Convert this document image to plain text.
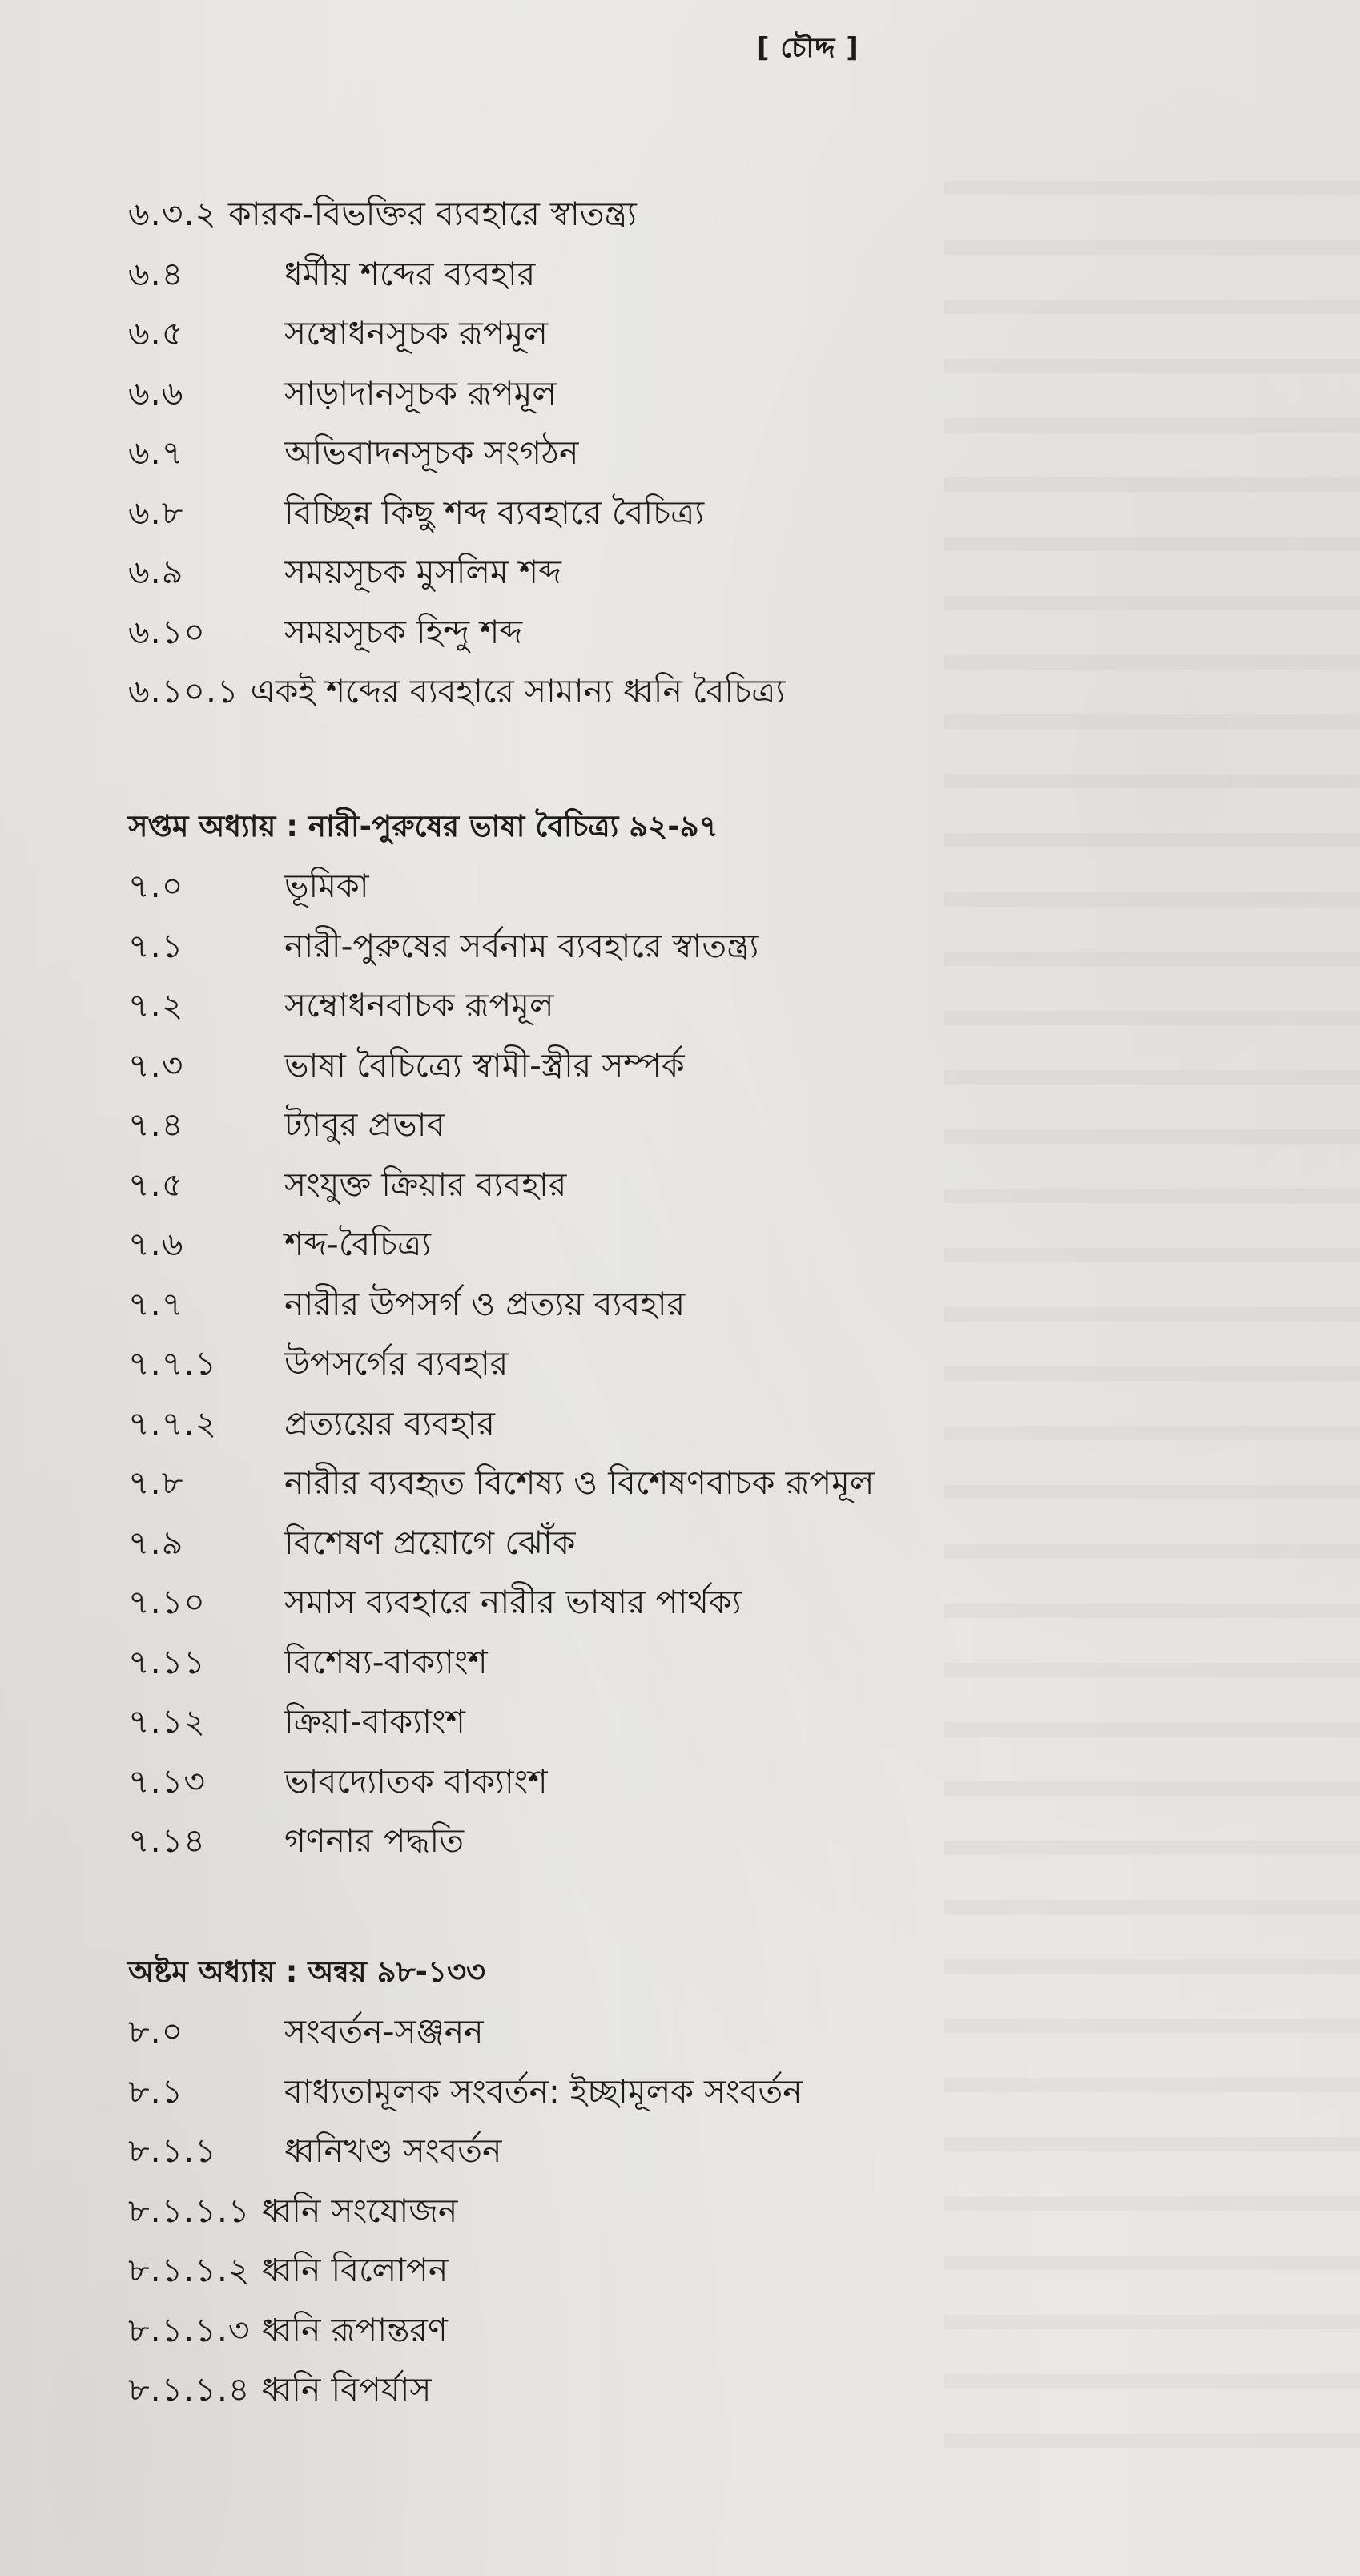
[ চৌদ্দ ]
৬.৩.২ কারক-বিভক্তির ব্যবহারে স্বাতন্ত্র্য
৬.৪	ধর্মীয় শব্দের ব্যবহার
৬.৫	সম্বোধনসূচক রূপমূল
৬.৬	সাড়াদানসূচক রূপমূল
৬.৭	অভিবাদনসূচক সংগঠন
৬.৮	বিচ্ছিন্ন কিছু শব্দ ব্যবহারে বৈচিত্র্য
৬.৯	সময়সূচক মুসলিম শব্দ
৬.১০ সময়সূচক হিন্দু শব্দ
৬.১০.১ একই শব্দের ব্যবহারে সামান্য ধ্বনি বৈচিত্র্য
সপ্তম অধ্যায় : নারী-পুরুষের ভাষা বৈচিত্র্য ৯২-৯৭
৭.০	ভূমিকা
৭.১	নারী-পুরুষের সর্বনাম ব্যবহারে স্বাতন্ত্র্য
৭.২	সম্বোধনবাচক রূপমূল
৭.৩	ভাষা বৈচিত্র্যে স্বামী-স্ত্রীর সম্পর্ক
৭.৪	ট্যাবুর প্রভাব
৭.৫	সংযুক্ত ক্রিয়ার ব্যবহার
৭.৬	শব্দ-বৈচিত্র্য
৭.৭	নারীর উপসর্গ ও প্রত্যয় ব্যবহার
৭.৭.১ উপসর্গের ব্যবহার
৭.৭.২ প্রত্যয়ের ব্যবহার
৭.৮	নারীর ব্যবহৃত বিশেষ্য ও বিশেষণবাচক রূপমূল
৭.৯	বিশেষণ প্রয়োগে ঝোঁক
৭.১০ সমাস ব্যবহারে নারীর ভাষার পার্থক্য
৭.১১ বিশেষ্য-বাক্যাংশ
৭.১২ ক্রিয়া-বাক্যাংশ
৭.১৩ ভাবদ্যোতক বাক্যাংশ
৭.১৪ গণনার পদ্ধতি
অষ্টম অধ্যায় : অন্বয় ৯৮-১৩৩
৮.০	সংবর্তন-সঞ্জনন
৮.১	বাধ্যতামূলক সংবর্তন: ইচ্ছামূলক সংবর্তন
৮.১.১ ধ্বনিখণ্ড সংবর্তন
৮.১.১.১ ধ্বনি সংযোজন
৮.১.১.২ ধ্বনি বিলোপন
৮.১.১.৩ ধ্বনি রূপান্তরণ
৮.১.১.৪ ধ্বনি বিপর্যাস
